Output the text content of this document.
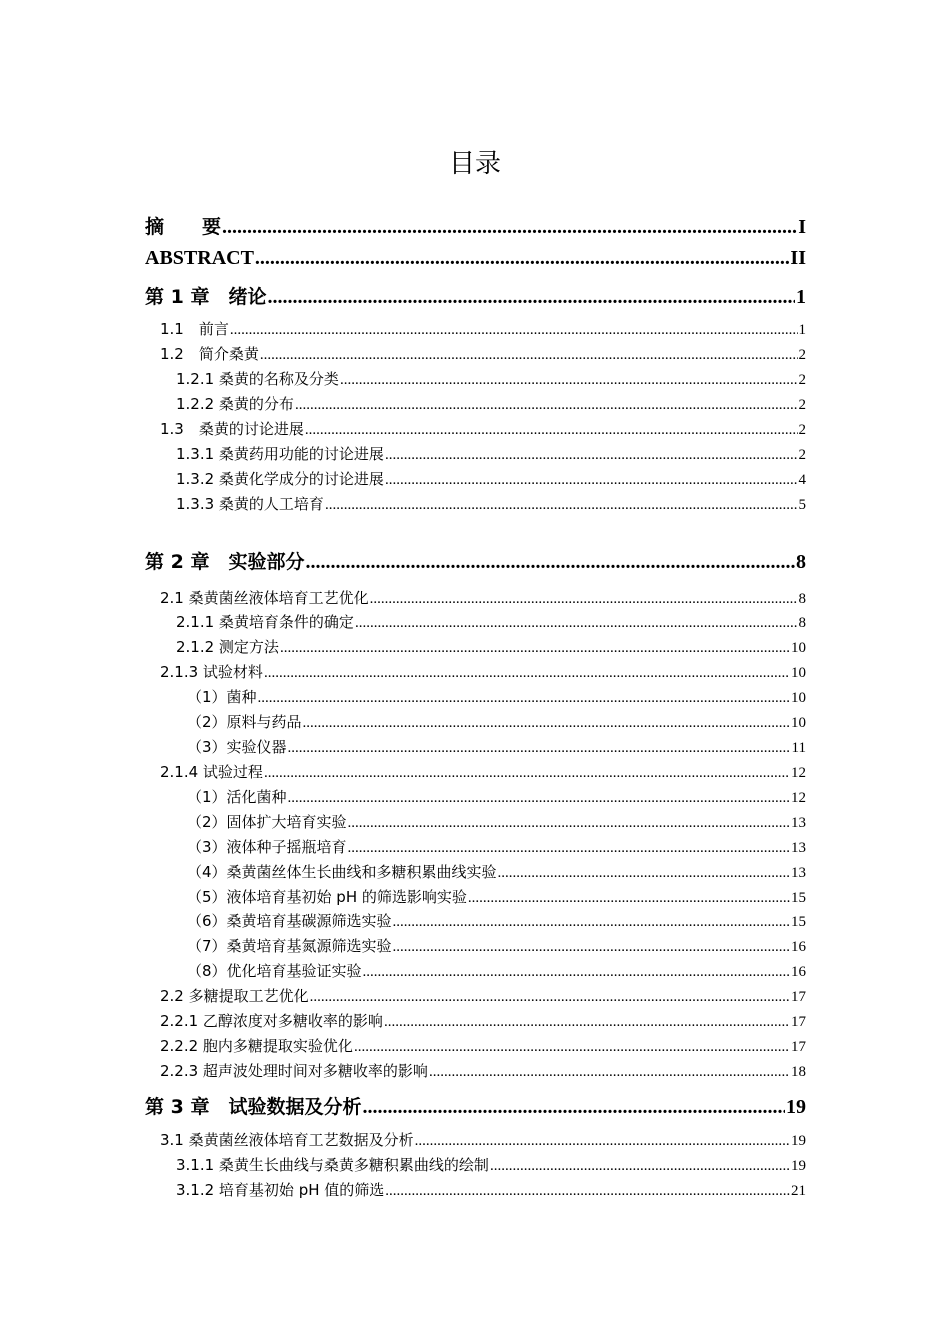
目录
摘　　要 .....	I
ABSTRACT .....	II
第 1 章　绪论 .....	1
1.1　前言 .....	1
1.2　简介桑黄 .....	2
1.2.1 桑黄的名称及分类 .....	2
1.2.2 桑黄的分布 .....	2
1.3　桑黄的讨论进展 .....	2
1.3.1 桑黄药用功能的讨论进展 .....	2
1.3.2 桑黄化学成分的讨论进展 .....	4
1.3.3 桑黄的人工培育 .....	5
第 2 章　实验部分 .....	8
2.1 桑黄菌丝液体培育工艺优化 .....	8
2.1.1 桑黄培育条件的确定 .....	8
2.1.2 测定方法 .....	10
2.1.3 试验材料 .....	10
（1）菌种 .....	10
（2）原料与药品 .....	10
（3）实验仪器 .....	11
2.1.4 试验过程 .....	12
（1）活化菌种 .....	12
（2）固体扩大培育实验 .....	13
（3）液体种子摇瓶培育 .....	13
（4）桑黄菌丝体生长曲线和多糖积累曲线实验 .....	13
（5）液体培育基初始 pH 的筛选影响实验 .....	15
（6）桑黄培育基碳源筛选实验 .....	15
（7）桑黄培育基氮源筛选实验 .....	16
（8）优化培育基验证实验 .....	16
2.2 多糖提取工艺优化 .....	17
2.2.1 乙醇浓度对多糖收率的影响 .....	17
2.2.2 胞内多糖提取实验优化 .....	17
2.2.3 超声波处理时间对多糖收率的影响 .....	18
第 3 章　试验数据及分析 .....	19
3.1 桑黄菌丝液体培育工艺数据及分析 .....	19
3.1.1 桑黄生长曲线与桑黄多糖积累曲线的绘制 .....	19
3.1.2 培育基初始 pH 值的筛选 .....	21
